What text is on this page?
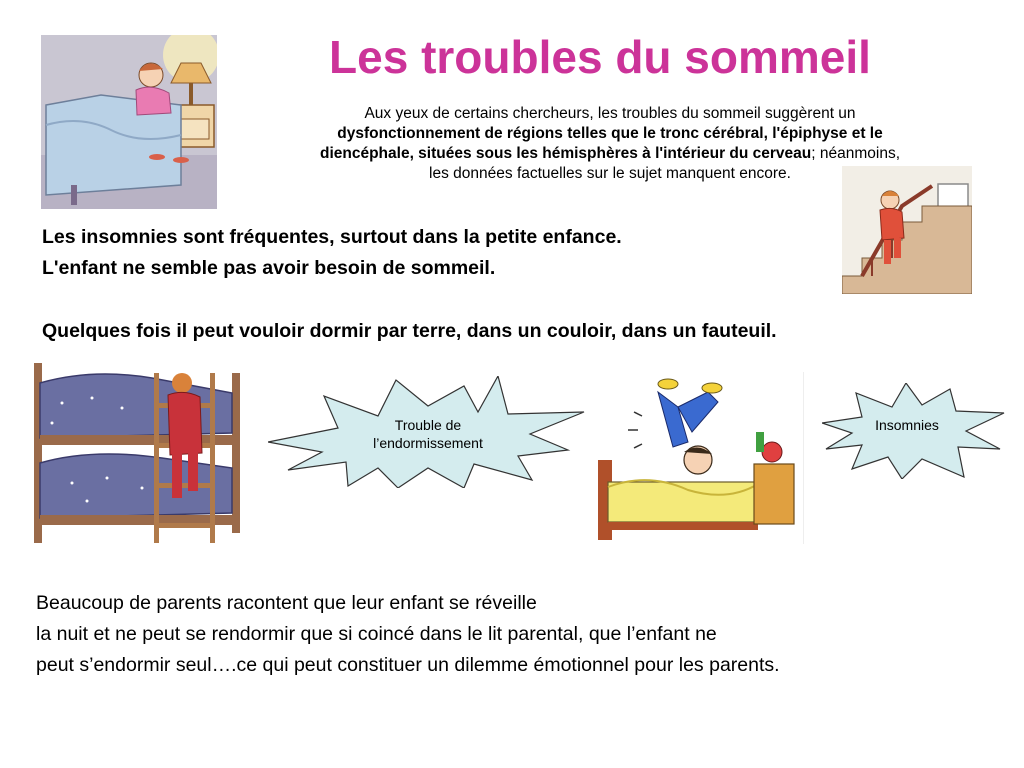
Les troubles du sommeil
Aux yeux de certains chercheurs, les troubles du sommeil suggèrent un
dysfonctionnement de régions telles que le tronc cérébral, l'épiphyse et le
diencéphale, situées sous les hémisphères à l'intérieur du cerveau; néanmoins,
les données factuelles sur le sujet manquent encore.
Les insomnies sont fréquentes, surtout dans la petite enfance.
L'enfant ne semble pas avoir besoin de sommeil.
Quelques fois il peut vouloir dormir par terre, dans un couloir, dans un fauteuil.
Trouble de
l’endormissement
Insomnies
Beaucoup de parents racontent que leur enfant se réveille
la nuit et ne peut se rendormir que si coincé dans le lit parental, que l’enfant ne
peut s’endormir seul….ce qui peut constituer un dilemme émotionnel pour les parents.
